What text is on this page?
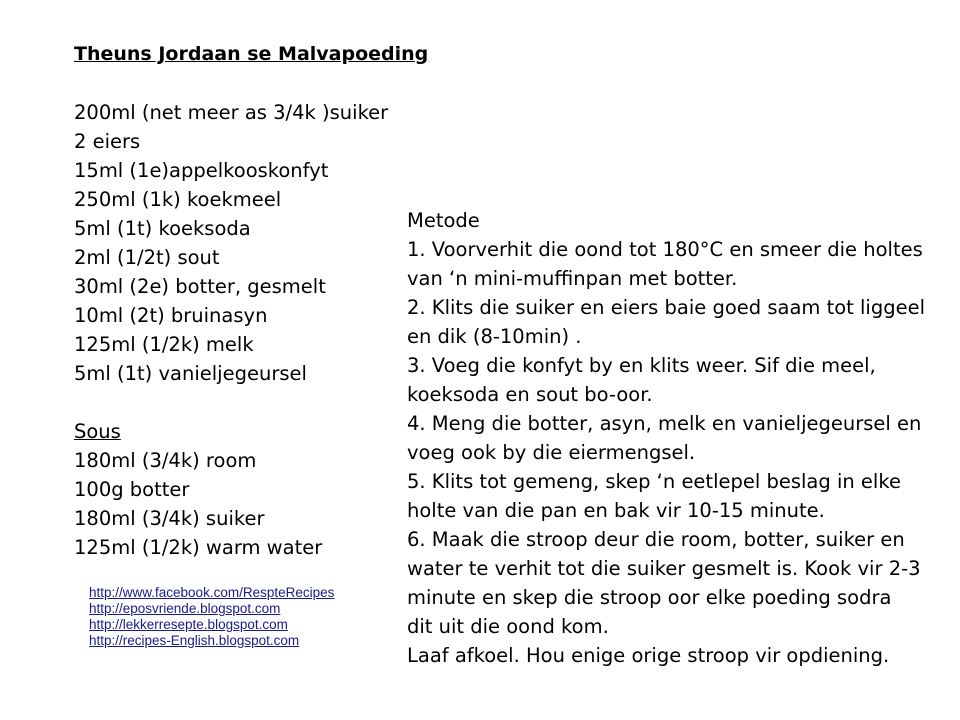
Theuns Jordaan se Malvapoeding
200ml (net meer as 3/4k )suiker
2 eiers
15ml (1e)appelkooskonfyt
250ml (1k) koekmeel
5ml (1t) koeksoda
2ml (1/2t) sout
30ml (2e) botter, gesmelt
10ml (2t) bruinasyn
125ml (1/2k) melk
5ml (1t) vanieljegeursel
Sous
180ml (3/4k) room
100g botter
180ml (3/4k) suiker
125ml (1/2k) warm water
http://www.facebook.com/RespteRecipes
http://eposvriende.blogspot.com
http://lekkerresepte.blogspot.com
http://recipes-English.blogspot.com
Metode
1. Voorverhit die oond tot 180°C en smeer die holtes
van ‘n mini-muffinpan met botter.
2. Klits die suiker en eiers baie goed saam tot liggeel
en dik (8-10min) .
3. Voeg die konfyt by en klits weer. Sif die meel,
koeksoda en sout bo-oor.
4. Meng die botter, asyn, melk en vanieljegeursel en
voeg ook by die eiermengsel.
5. Klits tot gemeng, skep ‘n eetlepel beslag in elke
holte van die pan en bak vir 10-15 minute.
6. Maak die stroop deur die room, botter, suiker en
water te verhit tot die suiker gesmelt is. Kook vir 2-3
minute en skep die stroop oor elke poeding sodra
dit uit die oond kom.
Laaf afkoel. Hou enige orige stroop vir opdiening.
